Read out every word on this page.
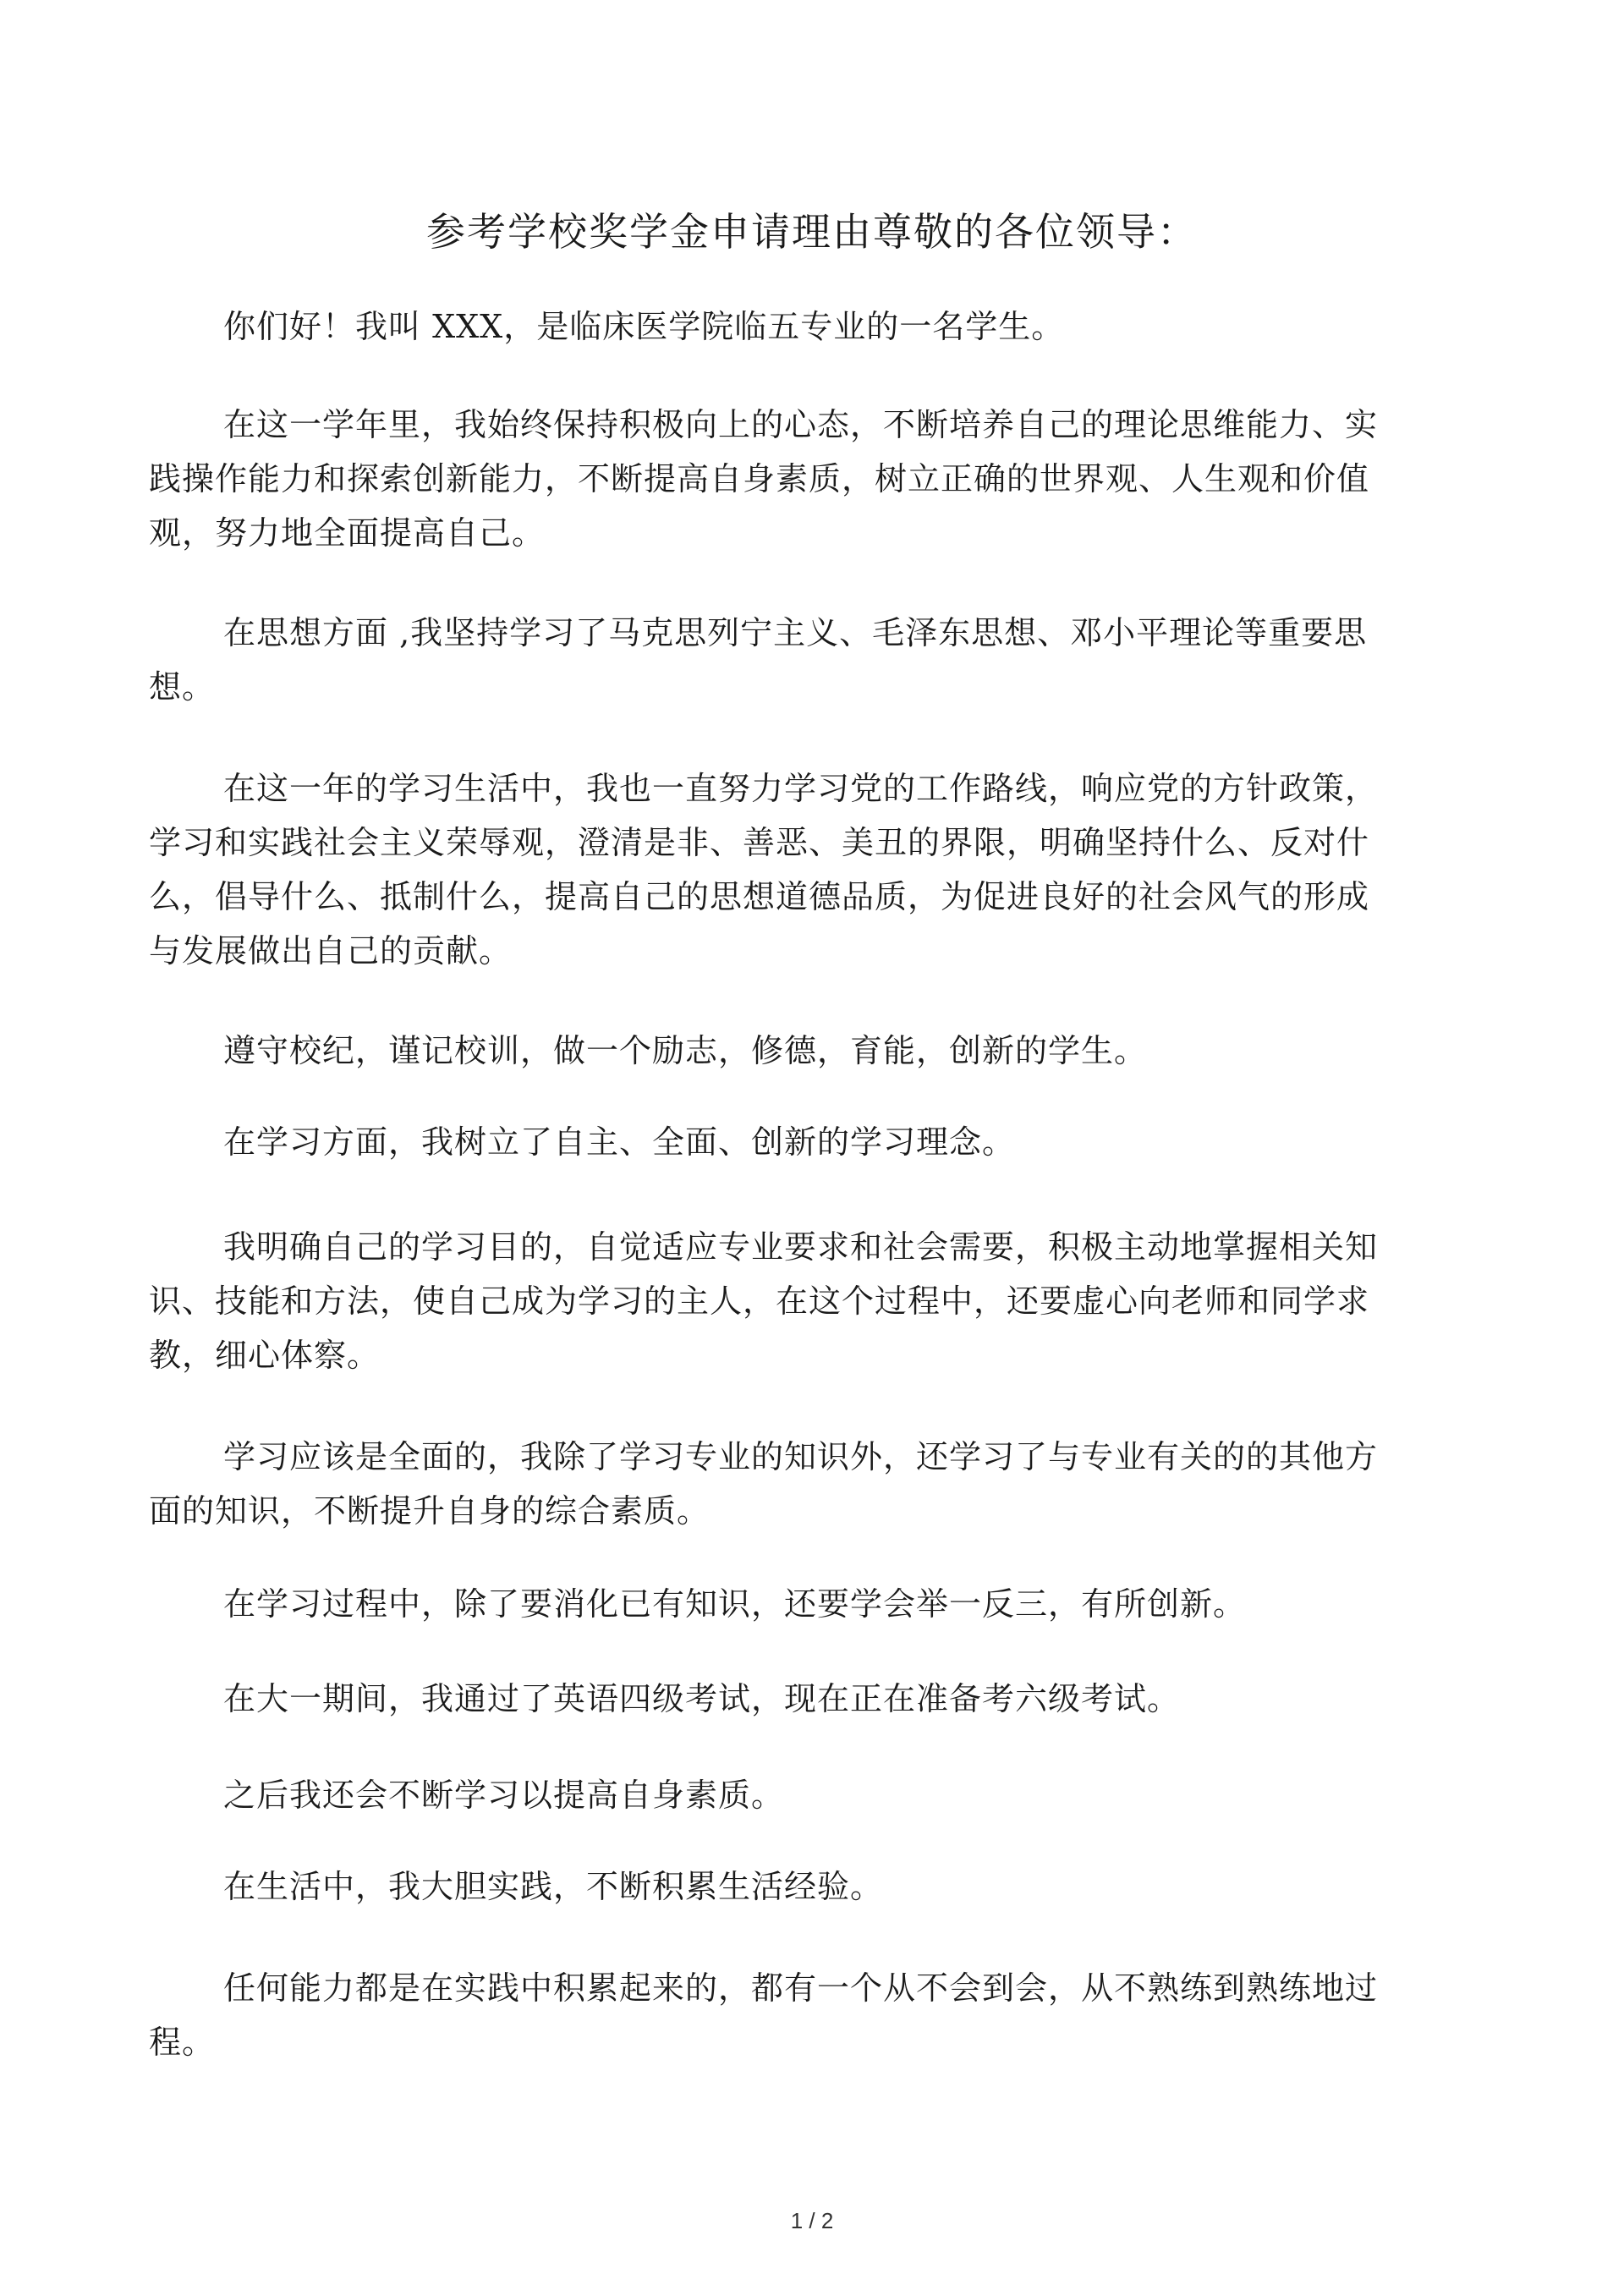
参考学校奖学金申请理由尊敬的各位领导：
你们好！我叫 XXX，是临床医学院临五专业的一名学生。
在这一学年里，我始终保持积极向上的心态，不断培养自己的理论思维能力、实践操作能力和探索创新能力，不断提高自身素质，树立正确的世界观、人生观和价值观，努力地全面提高自己。
在思想方面 ,我坚持学习了马克思列宁主义、毛泽东思想、邓小平理论等重要思想。
在这一年的学习生活中，我也一直努力学习党的工作路线，响应党的方针政策，学习和实践社会主义荣辱观，澄清是非、善恶、美丑的界限，明确坚持什么、反对什么，倡导什么、抵制什么，提高自己的思想道德品质，为促进良好的社会风气的形成与发展做出自己的贡献。
遵守校纪，谨记校训，做一个励志，修德，育能，创新的学生。
在学习方面，我树立了自主、全面、创新的学习理念。
我明确自己的学习目的，自觉适应专业要求和社会需要，积极主动地掌握相关知识、技能和方法，使自己成为学习的主人，在这个过程中，还要虚心向老师和同学求教，细心体察。
学习应该是全面的，我除了学习专业的知识外，还学习了与专业有关的的其他方面的知识，不断提升自身的综合素质。
在学习过程中，除了要消化已有知识，还要学会举一反三，有所创新。
在大一期间，我通过了英语四级考试，现在正在准备考六级考试。
之后我还会不断学习以提高自身素质。
在生活中，我大胆实践，不断积累生活经验。
任何能力都是在实践中积累起来的，都有一个从不会到会，从不熟练到熟练地过程。
1 / 2
